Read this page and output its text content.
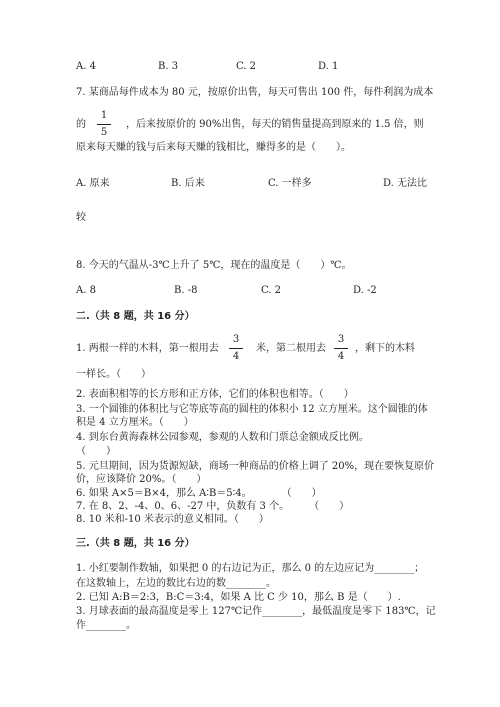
A. 4	B. 3	C. 2	D. 1
7. 某商品每件成本为 80 元，按原价出售，每天可售出 100 件，每件利润为成本
的
1
5
，后来按原价的 90%出售，每天的销售量提高到原来的 1.5 倍，则
原来每天赚的钱与后来每天赚的钱相比，赚得多的是（　　）。
A. 原来	B. 后来	C. 一样多	D. 无法比
较
8. 今天的气温从-3℃上升了 5℃，现在的温度是（　　）℃。
A. 8	B. -8	C. 2	D. -2
二.（共 8 题，共 16 分）
1. 两根一样的木料，第一根用去
3
4
米，第二根用去
3
4
，剩下的木料
一样长。（　　）
2. 表面积相等的长方形和正方体，它们的体积也相等。（　　）
3. 一个圆锥的体积比与它等底等高的圆柱的体积小 12 立方厘米。这个圆锥的体
积是 4 立方厘米。（　　）
4. 到东台黄海森林公园参观，参观的人数和门票总金额成反比例。
（　　）
5. 元旦期间，因为货源短缺，商场一种商品的价格上调了 20%，现在要恢复原价
价，应该降价 20%。（　　）
6. 如果 A×5＝B×4，那么 A∶B＝5∶4。　　　　（　　）
7. 在 8、2、-4、0、6、-27 中，负数有 3 个。　　　（　　）
8. 10 米和-10 米表示的意义相同。（　　）
三.（共 8 题，共 16 分）
1. 小红要制作数轴，如果把 0 的右边记为正，那么 0 的左边应记为________；
在这数轴上，左边的数比右边的数________。
2. 已知 A:B＝2:3，B:C＝3:4，如果 A 比 C 少 10，那么 B 是（　　）.
3. 月球表面的最高温度是零上 127℃记作________，最低温度是零下 183℃，记
作________。
